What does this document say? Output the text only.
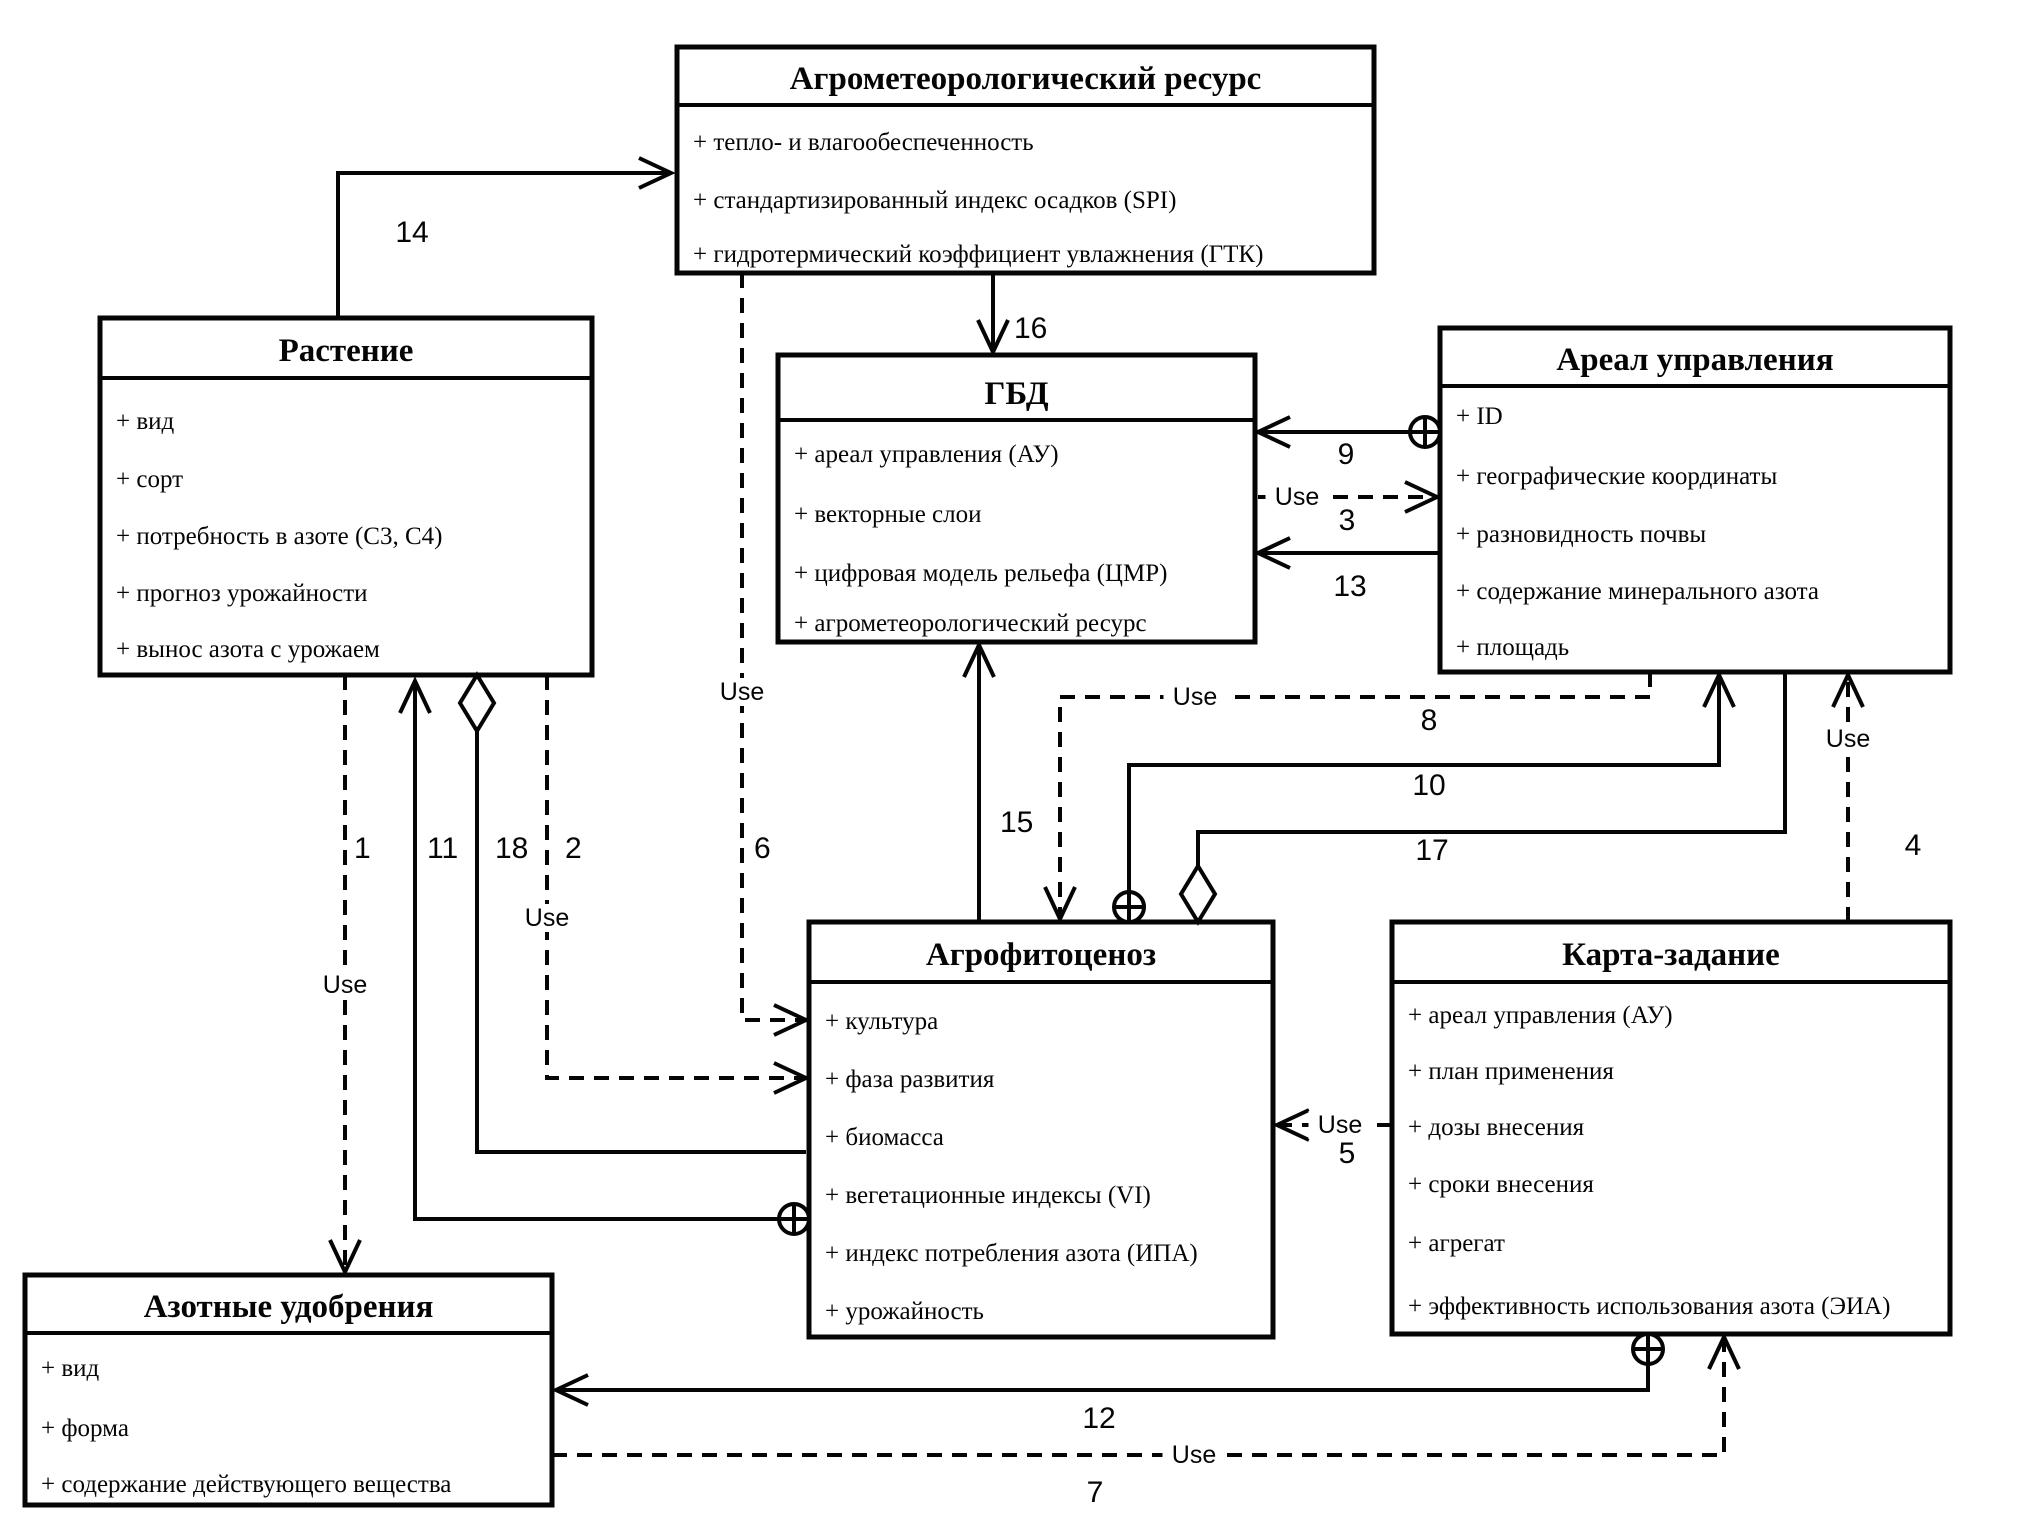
Агрометеорологический ресурс
+ тепло- и влагообеспеченность
+ стандартизированный индекс осадков (SPI)
+ гидротермический коэффициент увлажнения (ГТК)
Растение
+ вид
+ сорт
+ потребность в азоте (C3, C4)
+ прогноз урожайности
+ вынос азота с урожаем
ГБД
+ ареал управления (АУ)
+ векторные слои
+ цифровая модель рельефа (ЦМР)
+ агрометеорологический ресурс
Ареал управления
+ ID
+ географические координаты
+ разновидность почвы
+ содержание минерального азота
+ площадь
Агрофитоценоз
+ культура
+ фаза развития
+ биомасса
+ вегетационные индексы (VI)
+ индекс потребления азота (ИПА)
+ урожайность
Карта-задание
+ ареал управления (АУ)
+ план применения
+ дозы внесения
+ сроки внесения
+ агрегат
+ эффективность использования азота (ЭИА)
Азотные удобрения
+ вид
+ форма
+ содержание действующего вещества
14
16
9
Use
3
13
15
Use
8
10
17
Use
4
1
Use
11 18 2
Use
6
Use
Use
5
12
Use
7
